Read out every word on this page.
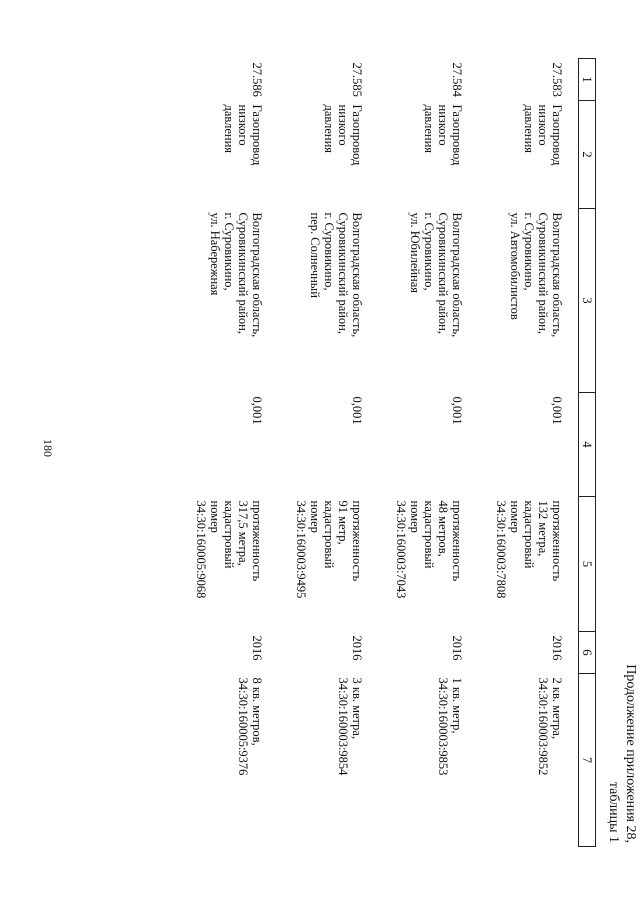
180
Продолжение приложения 28,
таблицы 1
1	2	3	4	5	6	7
27.583	Газопровод низкого
давления	Волгоградская область,
Суровикинский район,
г. Суровикино,
ул. Автомобилистов	0,001	протяженность
132 метра,
кадастровый
номер
34:30:160003:7808	2016	2 кв. метра,
34:30:160003:9852

27.584	Газопровод низкого
давления	Волгоградская область,
Суровикинский район,
г. Суровикино,
ул. Юбилейная	0,001	протяженность
48 метров,
кадастровый
номер
34:30:160003:7043	2016	1 кв. метр,
34:30:160003:9853

27.585	Газопровод низкого
давления	Волгоградская область,
Суровикинский район,
г. Суровикино,
пер. Солнечный	0,001	протяженность
91 метр,
кадастровый
номер
34:30:160003:9495	2016	3 кв. метра,
34:30:160003:9854

27.586	Газопровод низкого
давления	Волгоградская область,
Суровикинский район,
г. Суровикино,
ул. Набережная	0,001	протяженность
317,5 метра,
кадастровый
номер
34:30:160005:9068	2016	8 кв. метров,
34:30:160005:9376
